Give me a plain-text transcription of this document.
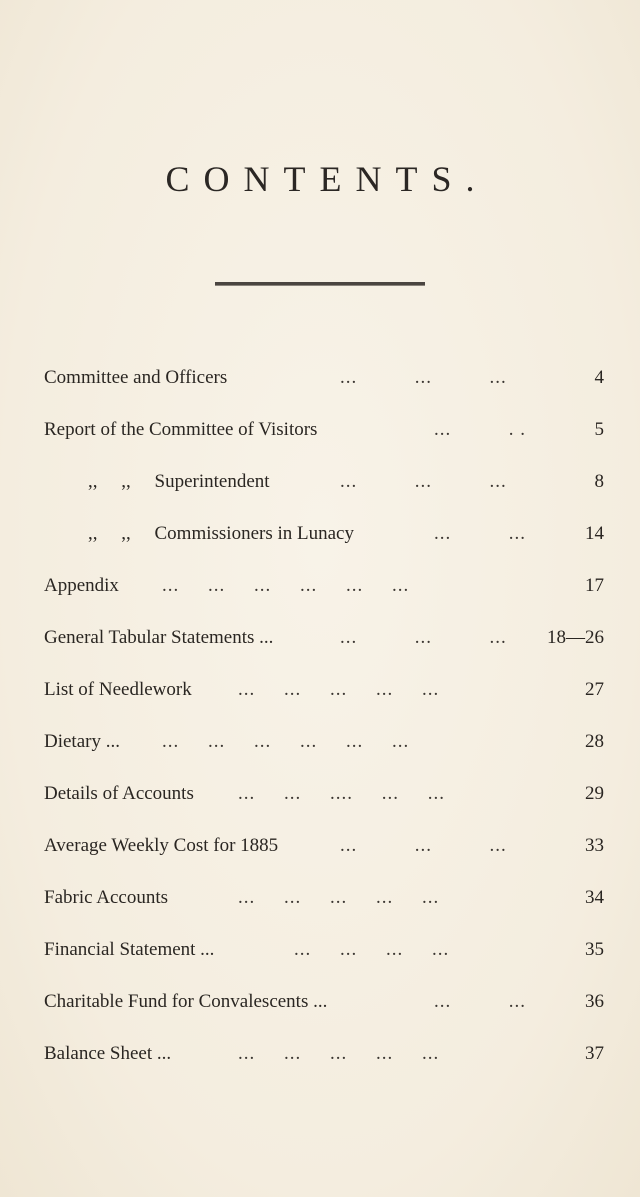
CONTENTS.
Committee and Officers	...          ...          ...	4
Report of the Committee of Visitors	...          . .	5
,,     ,,     Superintendent	...          ...          ...	8
,,     ,,     Commissioners in Lunacy	...          ...	14
Appendix ...     ...     ...     ...     ...     ...	17
General Tabular Statements ...	...          ...          ... 18—26
List of Needlework ...     ...     ...     ...     ...	27
Dietary ... ...     ...     ...     ...     ...     ...	28
Details of Accounts ...     ...     ....     ...     ...	29
Average Weekly Cost for 1885	...          ...          ...	33
Fabric Accounts	...     ...     ...     ...     ...	34
Financial Statement ...	...     ...     ...     ...	35
Charitable Fund for Convalescents ...	...          ...	36
Balance Sheet ...	...     ...     ...     ...     ...	37
